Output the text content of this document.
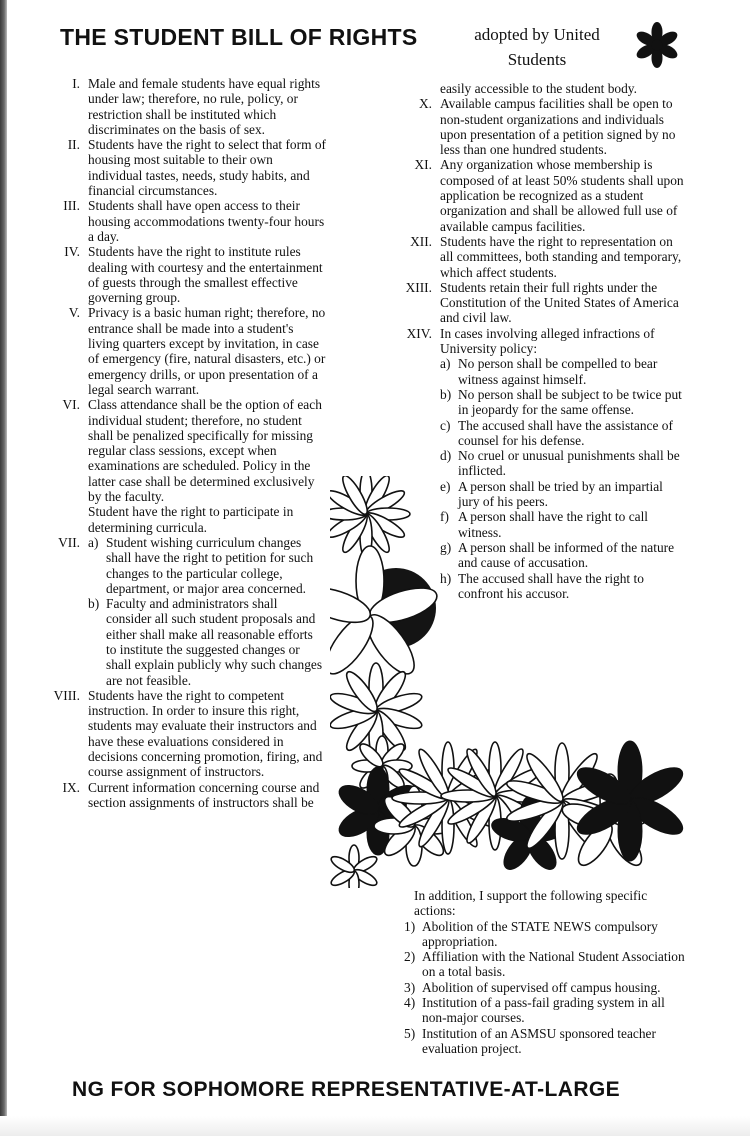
THE STUDENT BILL OF RIGHTS	adopted by United
Students
I. Male and female students have equal rights under law; therefore, no rule, policy, or restriction shall be instituted which discriminates on the basis of sex.
II. Students have the right to select that form of housing most suitable to their own individual tastes, needs, study habits, and financial circumstances.
III. Students shall have open access to their housing accommodations twenty-four hours a day.
IV. Students have the right to institute rules dealing with courtesy and the entertainment of guests through the smallest effective governing group.
V. Privacy is a basic human right; therefore, no entrance shall be made into a student's living quarters except by invitation, in case of emergency (fire, natural disasters, etc.) or emergency drills, or upon presentation of a legal search warrant.
VI. Class attendance shall be the option of each individual student; therefore, no student shall be penalized specifically for missing regular class sessions, except when examinations are scheduled. Policy in the latter case shall be determined exclusively by the faculty.
Student have the right to participate in determining curricula.
VII. a) Student wishing curriculum changes shall have the right to petition for such changes to the particular college, department, or major area concerned.
b) Faculty and administrators shall consider all such student proposals and either shall make all reasonable efforts to institute the suggested changes or shall explain publicly why such changes are not feasible.
VIII. Students have the right to competent instruction. In order to insure this right, students may evaluate their instructors and have these evaluations considered in decisions concerning promotion, firing, and course assignment of instructors.
IX. Current information concerning course and section assignments of instructors shall be
easily accessible to the student body.
X. Available campus facilities shall be open to non-student organizations and individuals upon presentation of a petition signed by no less than one hundred students.
XI. Any organization whose membership is composed of at least 50% students shall upon application be recognized as a student organization and shall be allowed full use of available campus facilities.
XII. Students have the right to representation on all committees, both standing and temporary, which affect students.
XIII. Students retain their full rights under the Constitution of the United States of America and civil law.
XIV. In cases involving alleged infractions of University policy:
a) No person shall be compelled to bear witness against himself.
b) No person shall be subject to be twice put in jeopardy for the same offense.
c) The accused shall have the assistance of counsel for his defense.
d) No cruel or unusual punishments shall be inflicted.
e) A person shall be tried by an impartial jury of his peers.
f) A person shall have the right to call witness.
g) A person shall be informed of the nature and cause of accusation.
h) The accused shall have the right to confront his accusor.
In addition, I support the following specific actions:
1) Abolition of the STATE NEWS compulsory appropriation.
2) Affiliation with the National Student Association on a total basis.
3) Abolition of supervised off campus housing.
4) Institution of a pass-fail grading system in all non-major courses.
5) Institution of an ASMSU sponsored teacher evaluation project.
NG FOR SOPHOMORE REPRESENTATIVE-AT-LARGE
